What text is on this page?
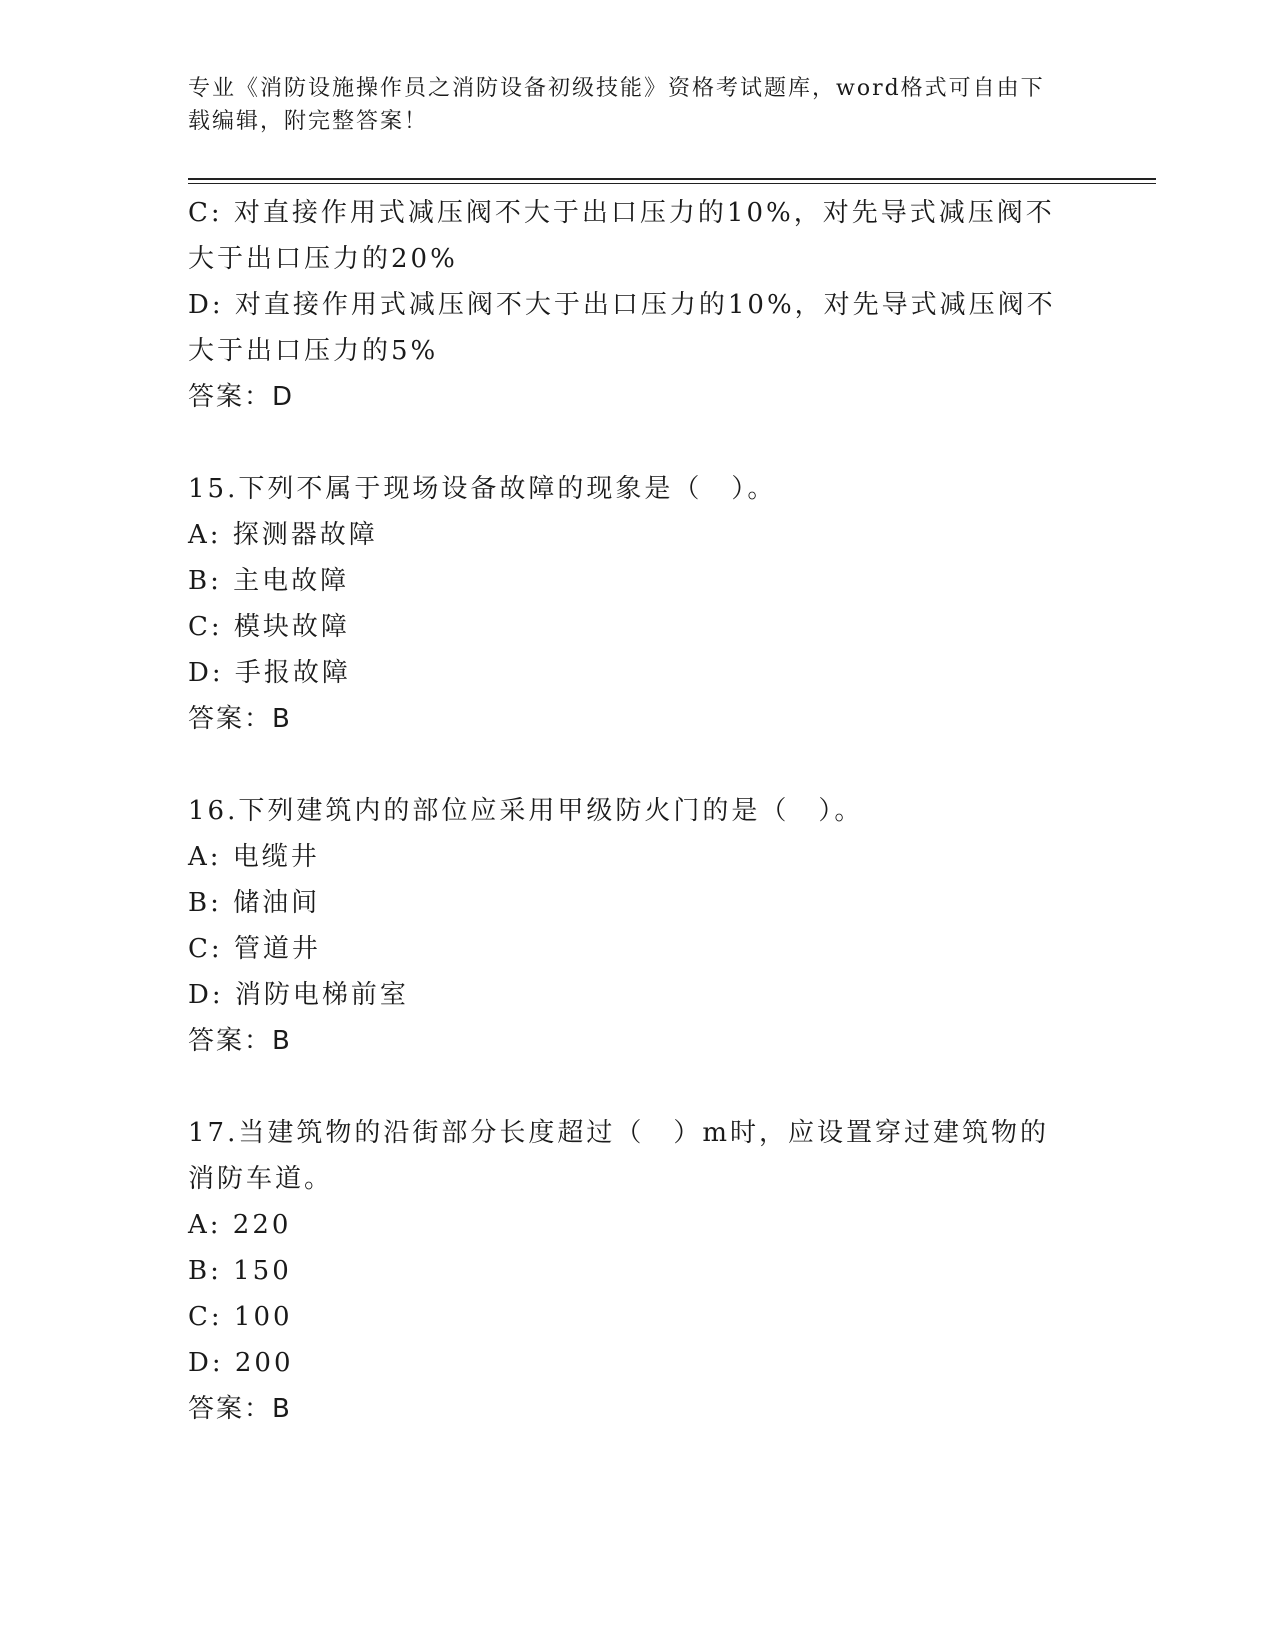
专业《消防设施操作员之消防设备初级技能》资格考试题库，word格式可自由下载编辑，附完整答案！
C: 对直接作用式减压阀不大于出口压力的10%，对先导式减压阀不大于出口压力的20%
D: 对直接作用式减压阀不大于出口压力的10%，对先导式减压阀不大于出口压力的5%
答案：D
15.下列不属于现场设备故障的现象是（　）。
A: 探测器故障
B: 主电故障
C: 模块故障
D: 手报故障
答案：B
16.下列建筑内的部位应采用甲级防火门的是（　）。
A: 电缆井
B: 储油间
C: 管道井
D: 消防电梯前室
答案：B
17.当建筑物的沿街部分长度超过（　）m时，应设置穿过建筑物的消防车道。
A: 220
B: 150
C: 100
D: 200
答案：B
